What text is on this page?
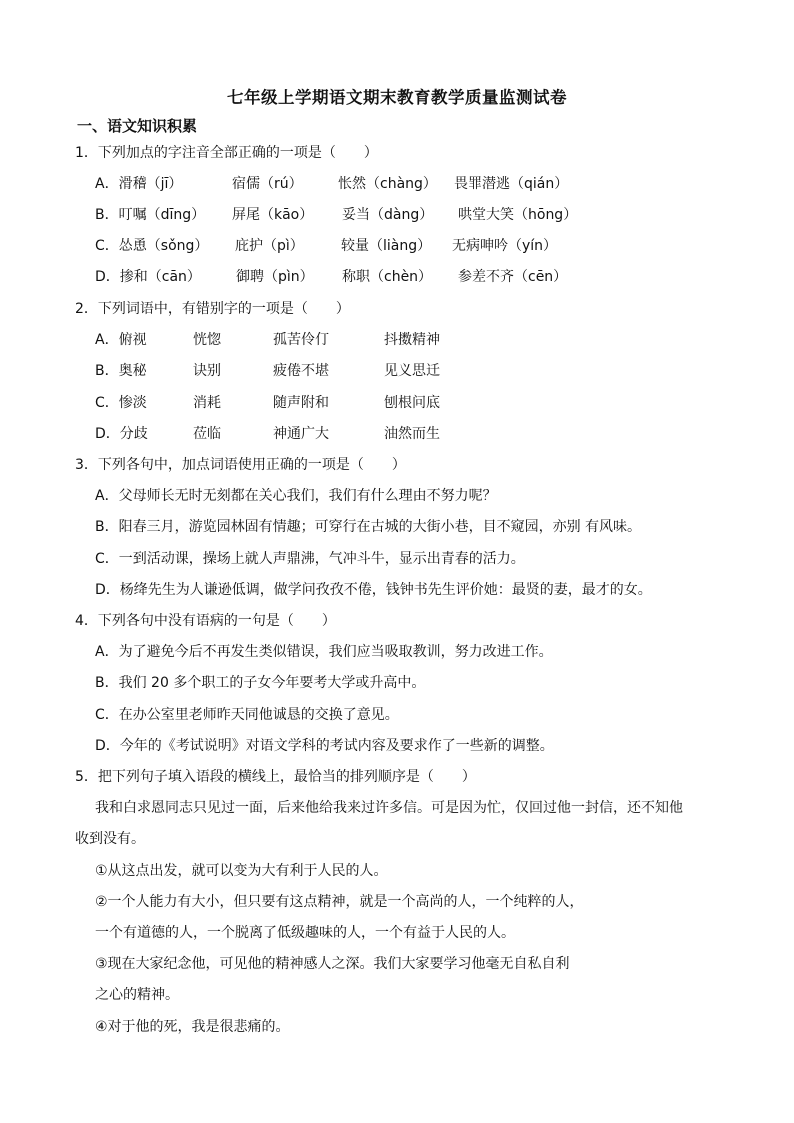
七年级上学期语文期末教育教学质量监测试卷
一、语文知识积累
1．下列加点的字注音全部正确的一项是（　　）
A．滑稽（jī）	宿儒（rú）	怅然（chàng） 畏罪潜逃（qián）
B．叮嘱（dīng） 屏尾（kāo） 妥当（dàng） 哄堂大笑（hōng）
C．怂恿（sǒng） 庇护（pì）	较量（liàng） 无病呻吟（yín）
D．掺和（cān）	御聘（pìn） 称职（chèn） 参差不齐（cēn）
2．下列词语中，有错别字的一项是（　　）
A．俯视	恍惚	孤苦伶仃	抖擞精神
B．奥秘	诀别	疲倦不堪	见义思迁
C．惨淡	消耗	随声附和	刨根问底
D．分歧	莅临	神通广大	油然而生
3．下列各句中，加点词语使用正确的一项是（　　）
A．父母师长无时无刻都在关心我们，我们有什么理由不努力呢？
B．阳春三月，游览园林固有情趣；可穿行在古城的大街小巷，目不窥园，亦别 有风味。
C．一到活动课，操场上就人声鼎沸，气冲斗牛，显示出青春的活力。
D．杨绛先生为人谦逊低调，做学问孜孜不倦，钱钟书先生评价她：最贤的妻，最才的女。
4．下列各句中没有语病的一句是（　　）
A．为了避免今后不再发生类似错误，我们应当吸取教训，努力改进工作。
B．我们 20 多个职工的子女今年要考大学或升高中。
C．在办公室里老师昨天同他诚恳的交换了意见。
D．今年的《考试说明》对语文学科的考试内容及要求作了一些新的调整。
5．把下列句子填入语段的横线上，最恰当的排列顺序是（　　）
我和白求恩同志只见过一面，后来他给我来过许多信。可是因为忙，仅回过他一封信，还不知他
收到没有。
①从这点出发，就可以变为大有利于人民的人。
②一个人能力有大小，但只要有这点精神，就是一个高尚的人，一个纯粹的人，
一个有道德的人，一个脱离了低级趣味的人，一个有益于人民的人。
③现在大家纪念他，可见他的精神感人之深。我们大家要学习他毫无自私自利
之心的精神。
④对于他的死，我是很悲痛的。
